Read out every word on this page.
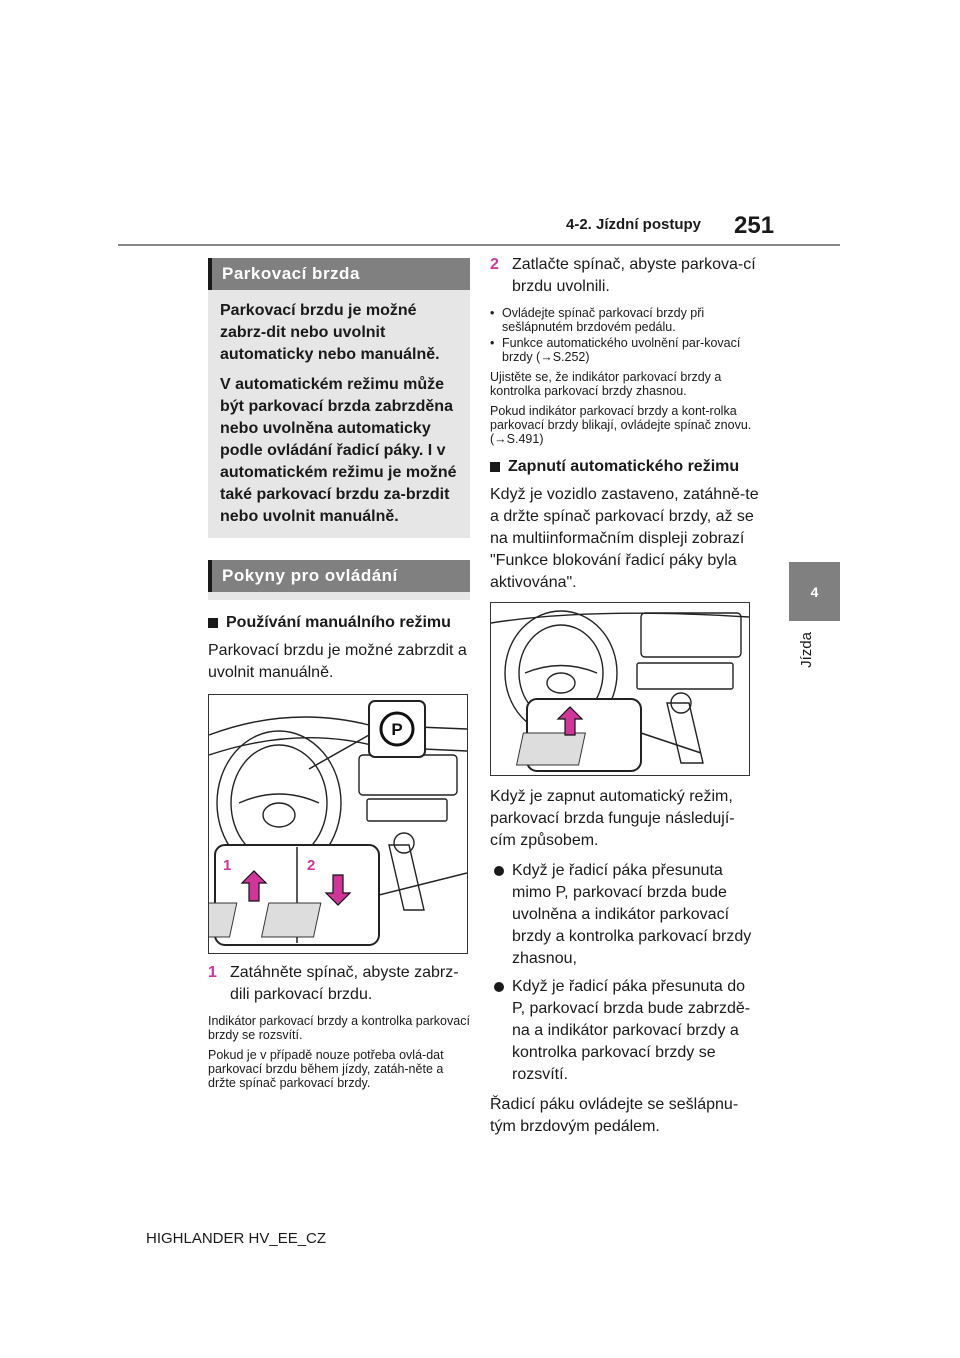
4-2. Jízdní postupy 251
4
Jízda
Parkovací brzda

Parkovací brzdu je možné zabrz-dit nebo uvolnit automaticky nebo manuálně.

V automatickém režimu může být parkovací brzda zabrzděna nebo uvolněna automaticky podle ovládání řadicí páky. I v automatickém režimu je možné také parkovací brzdu za-brzdit nebo uvolnit manuálně.

Pokyny pro ovládání
Používání manuálního režimu

Parkovací brzdu je možné zabrzdit a uvolnit manuálně.

P
1	2
1 Zatáhněte spínač, abyste zabrz-dili parkovací brzdu.

Indikátor parkovací brzdy a kontrolka parkovací brzdy se rozsvítí.

Pokud je v případě nouze potřeba ovlá-dat parkovací brzdu během jízdy, zatáh-něte a držte spínač parkovací brzdy.

2 Zatlačte spínač, abyste parkova-cí brzdu uvolnili.
• Ovládejte spínač parkovací brzdy při sešlápnutém brzdovém pedálu.
• Funkce automatického uvolnění par-kovací brzdy (→S.252)

Ujistěte se, že indikátor parkovací brzdy a kontrolka parkovací brzdy zhasnou.

Pokud indikátor parkovací brzdy a kont-rolka parkovací brzdy blikají, ovládejte spínač znovu. (→S.491)

Zapnutí automatického režimu

Když je vozidlo zastaveno, zatáhně-te a držte spínač parkovací brzdy, až se na multiinformačním displeji zobrazí "Funkce blokování řadicí páky byla aktivována".

Když je zapnut automatický režim, parkovací brzda funguje následují-cím způsobem.

Když je řadicí páka přesunuta mimo P, parkovací brzda bude uvolněna a indikátor parkovací brzdy a kontrolka parkovací brzdy zhasnou,
Když je řadicí páka přesunuta do P, parkovací brzda bude zabrzdě-na a indikátor parkovací brzdy a kontrolka parkovací brzdy se rozsvítí.

Řadicí páku ovládejte se sešlápnu-tým brzdovým pedálem.

HIGHLANDER HV_EE_CZ
